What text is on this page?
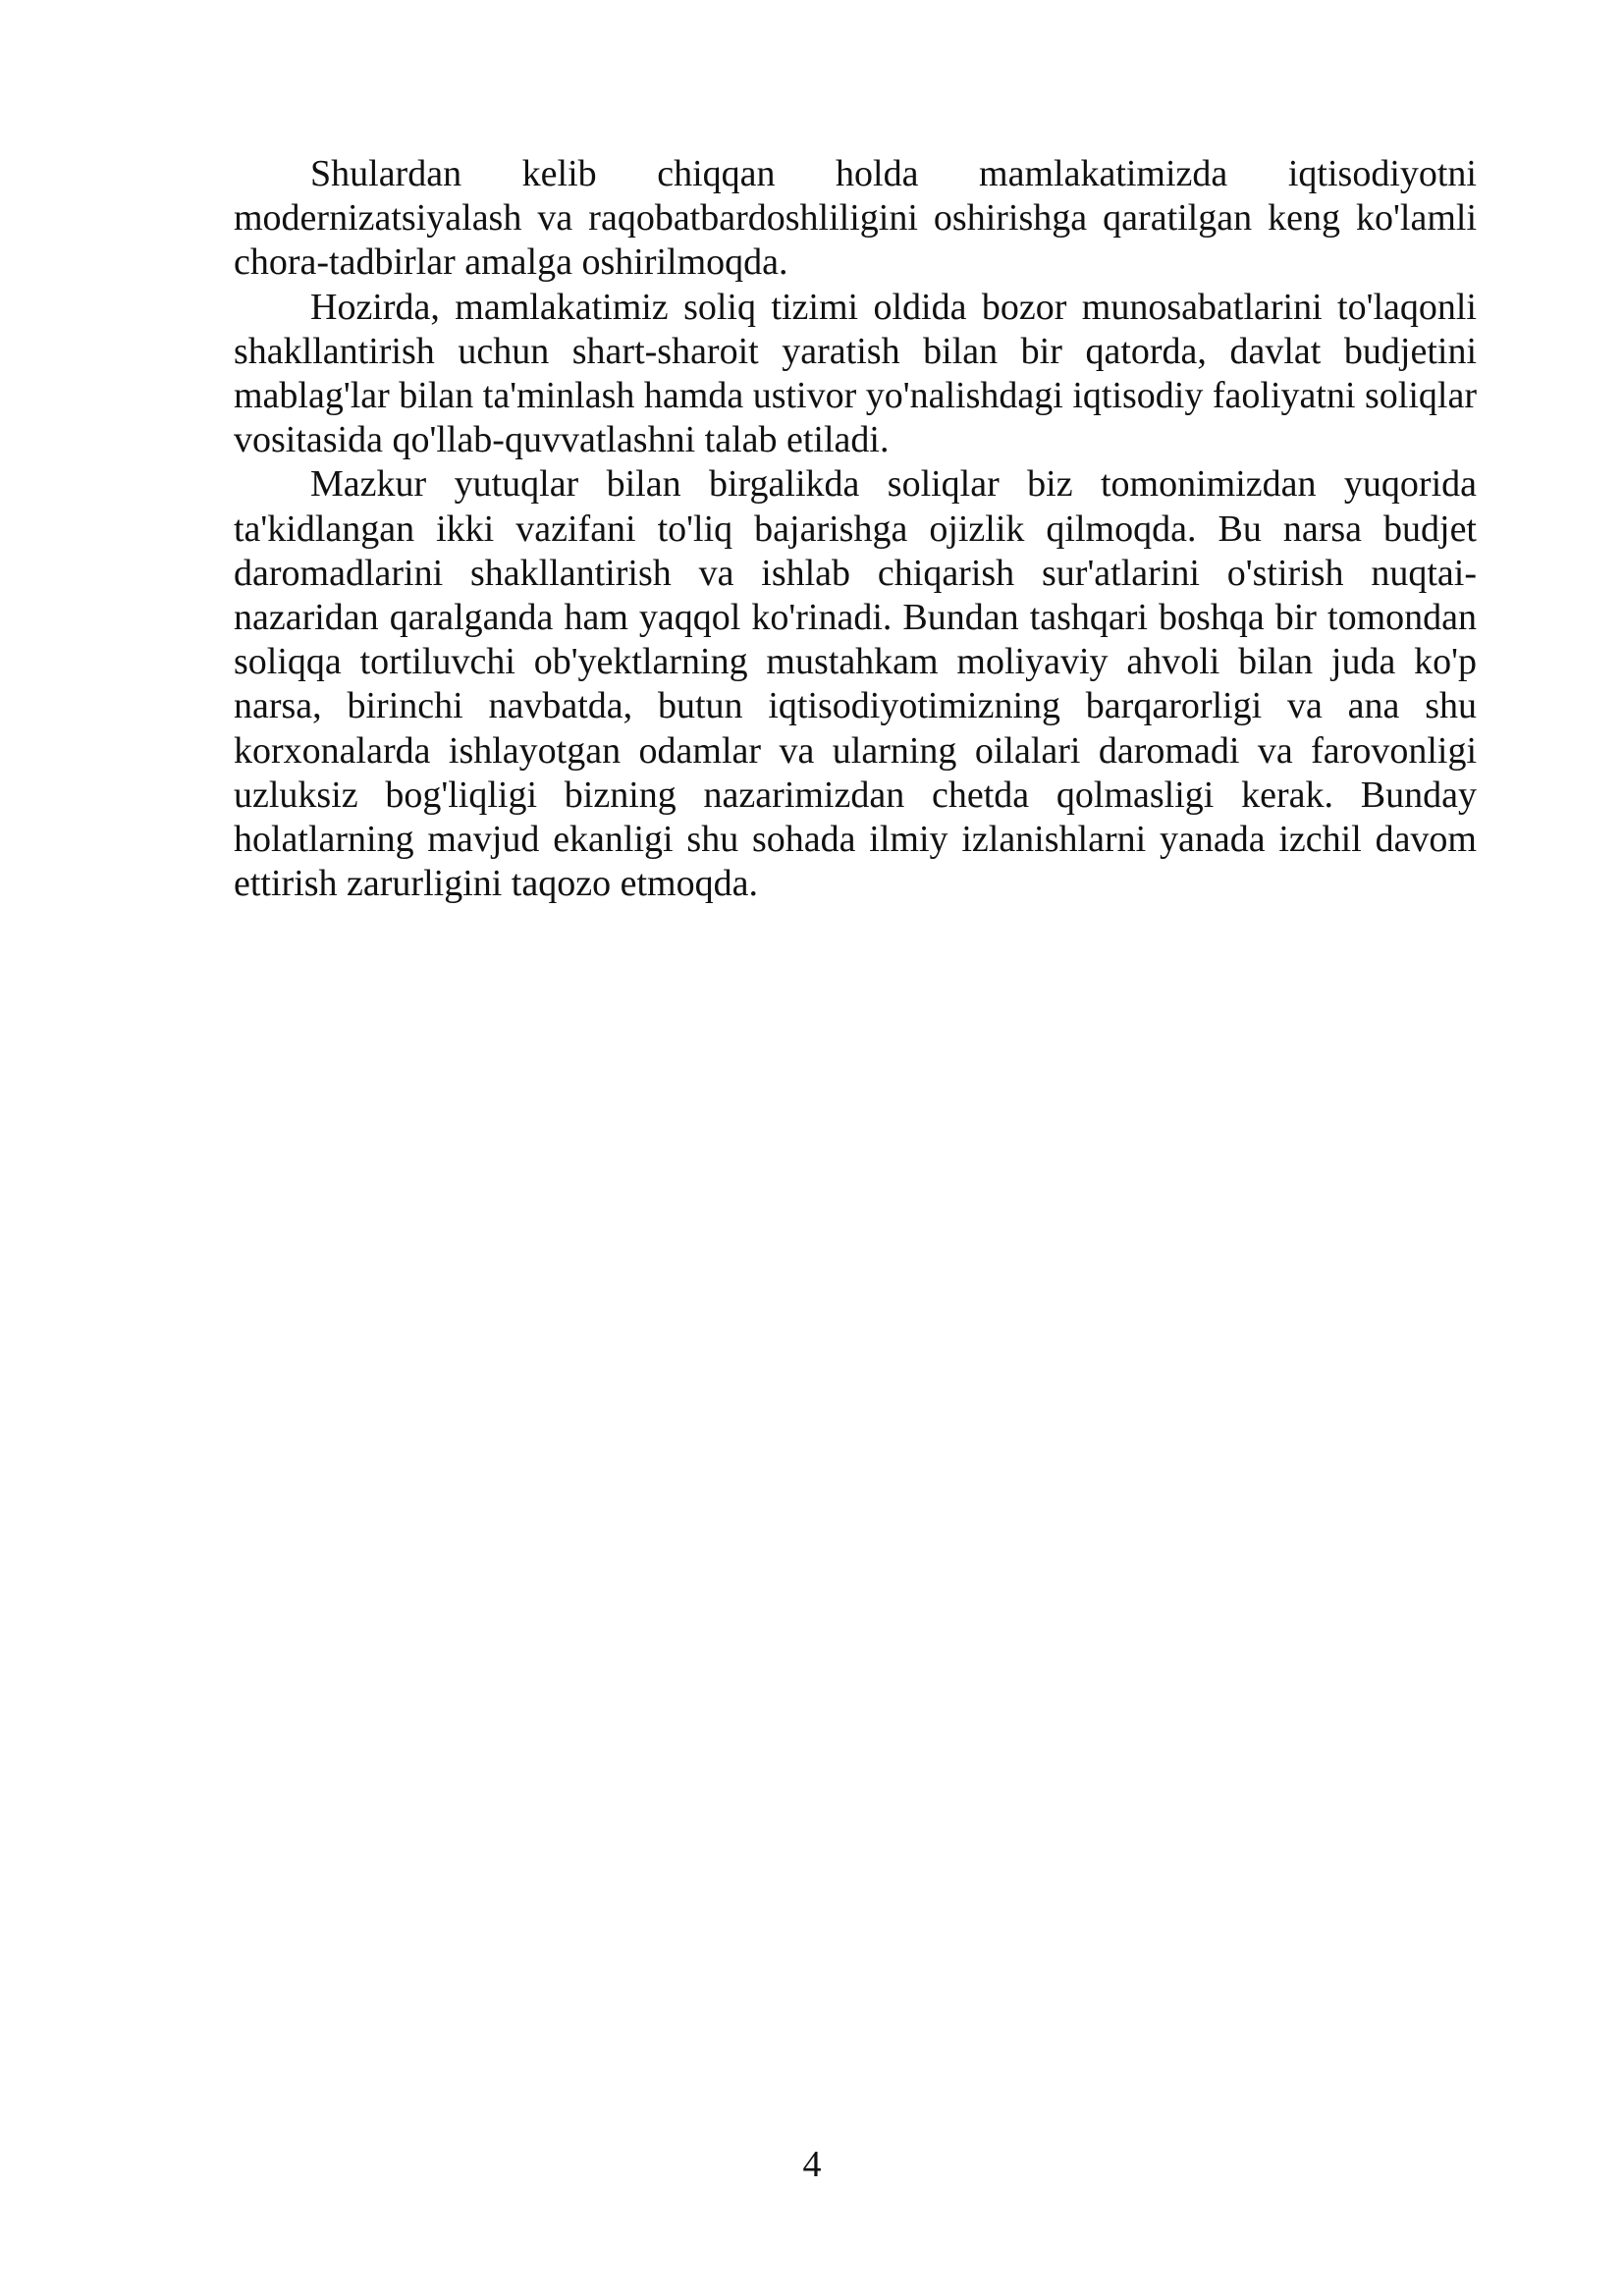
Shulardan kelib chiqqan holda mamlakatimizda iqtisodiyotni modernizatsiyalash va raqobatbardoshliligini oshirishga qaratilgan keng ko'lamli chora-tadbirlar amalga oshirilmoqda.

Hozirda, mamlakatimiz soliq tizimi oldida bozor munosabatlarini to'laqonli shakllantirish uchun shart-sharoit yaratish bilan bir qatorda, davlat budjetini mablag'lar bilan ta'minlash hamda ustivor yo'nalishdagi iqtisodiy faoliyatni soliqlar vositasida qo'llab-quvvatlashni talab etiladi.

Mazkur yutuqlar bilan birgalikda soliqlar biz tomonimizdan yuqorida ta'kidlangan ikki vazifani to'liq bajarishga ojizlik qilmoqda. Bu narsa budjet daromadlarini shakllantirish va ishlab chiqarish sur'atlarini o'stirish nuqtai-nazaridan qaralganda ham yaqqol ko'rinadi. Bundan tashqari boshqa bir tomondan soliqqa tortiluvchi ob'yektlarning mustahkam moliyaviy ahvoli bilan juda ko'p narsa, birinchi navbatda, butun iqtisodiyotimizning barqarorligi va ana shu korxonalarda ishlayotgan odamlar va ularning oilalari daromadi va farovonligi uzluksiz bog'liqligi bizning nazarimizdan chetda qolmasligi kerak. Bunday holatlarning mavjud ekanligi shu sohada ilmiy izlanishlarni yanada izchil davom ettirish zarurligini taqozo etmoqda.

4
